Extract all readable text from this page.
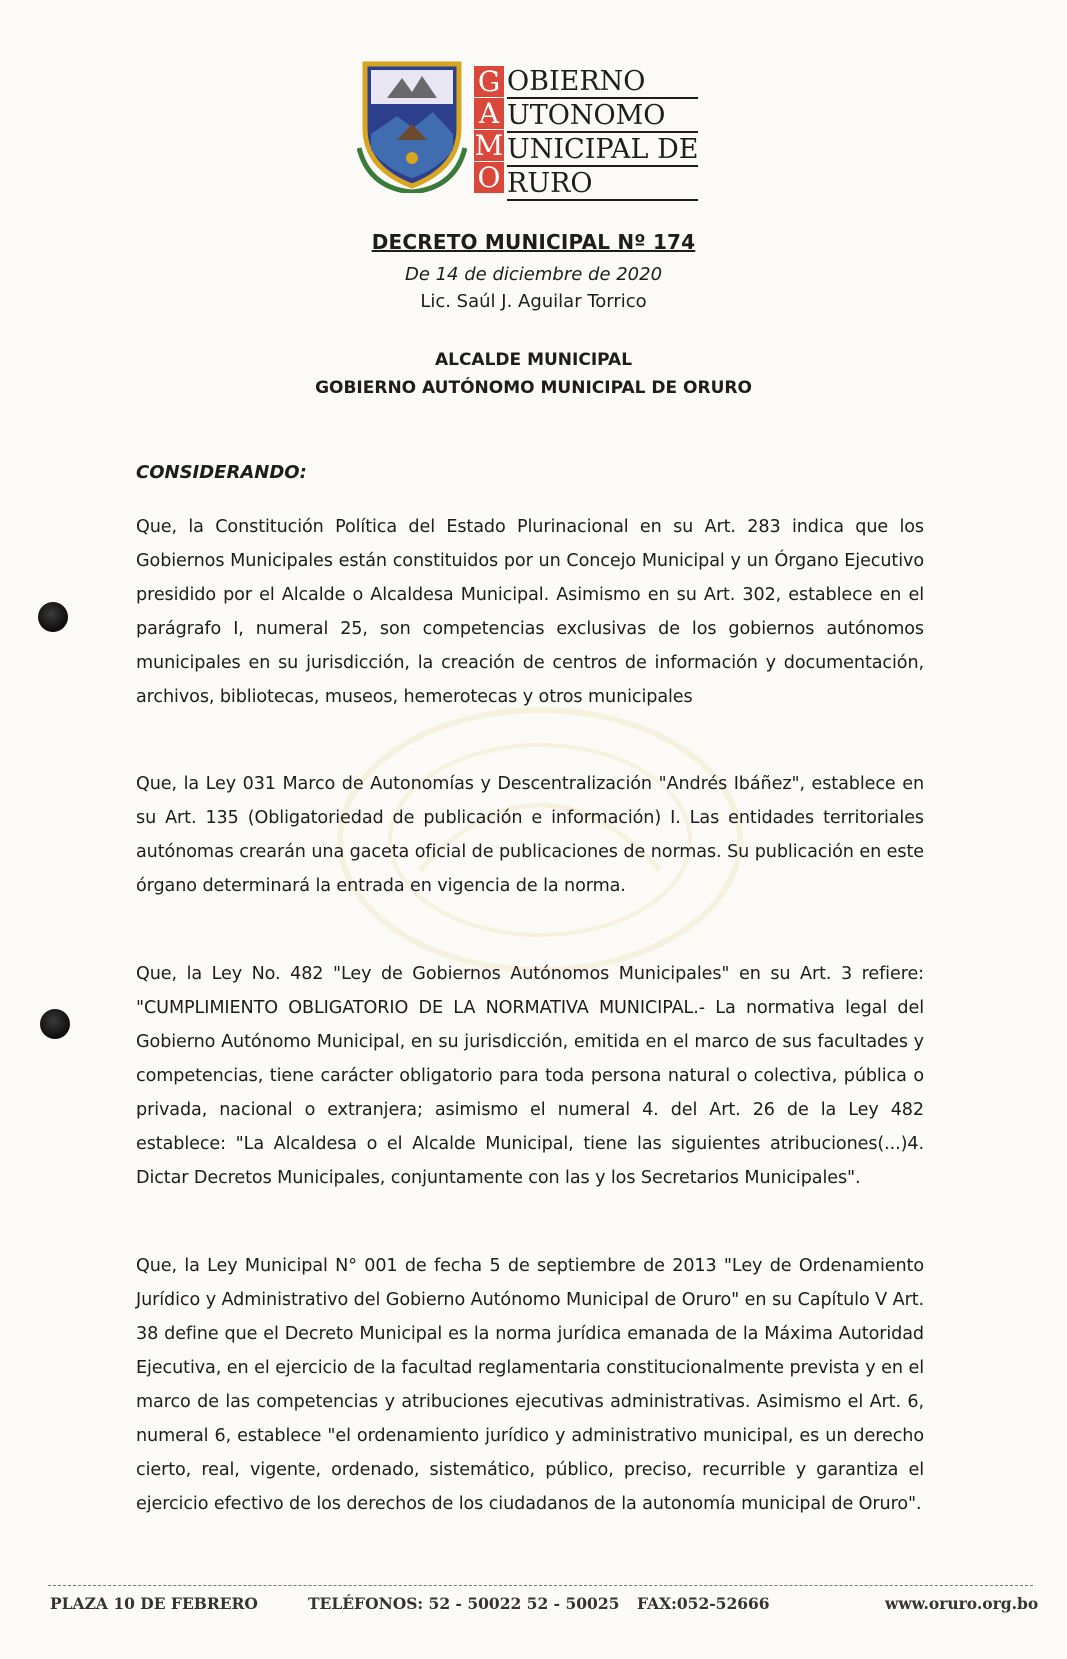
G
A
M
O
OBIERNO
UTONOMO
UNICIPAL DE
RURO
DECRETO MUNICIPAL Nº 174
De 14 de diciembre de 2020
Lic. Saúl J. Aguilar Torrico
ALCALDE MUNICIPAL
GOBIERNO AUTÓNOMO MUNICIPAL DE ORURO
CONSIDERANDO:

Que, la Constitución Política del Estado Plurinacional en su Art. 283 indica que los Gobiernos Municipales están constituidos por un Concejo Municipal y un Órgano Ejecutivo presidido por el Alcalde o Alcaldesa Municipal. Asimismo en su Art. 302, establece en el parágrafo I, numeral 25, son competencias exclusivas de los gobiernos autónomos municipales en su jurisdicción, la creación de centros de información y documentación, archivos, bibliotecas, museos, hemerotecas y otros municipales

Que, la Ley 031 Marco de Autonomías y Descentralización "Andrés Ibáñez", establece en su Art. 135 (Obligatoriedad de publicación e información) I. Las entidades territoriales autónomas crearán una gaceta oficial de publicaciones de normas. Su publicación en este órgano determinará la entrada en vigencia de la norma.

Que, la Ley No. 482 "Ley de Gobiernos Autónomos Municipales" en su Art. 3 refiere: "CUMPLIMIENTO OBLIGATORIO DE LA NORMATIVA MUNICIPAL.- La normativa legal del Gobierno Autónomo Municipal, en su jurisdicción, emitida en el marco de sus facultades y competencias, tiene carácter obligatorio para toda persona natural o colectiva, pública o privada, nacional o extranjera; asimismo el numeral 4. del Art. 26 de la Ley 482 establece: "La Alcaldesa o el Alcalde Municipal, tiene las siguientes atribuciones(...)4. Dictar Decretos Municipales, conjuntamente con las y los Secretarios Municipales".

Que, la Ley Municipal N° 001 de fecha 5 de septiembre de 2013 "Ley de Ordenamiento Jurídico y Administrativo del Gobierno Autónomo Municipal de Oruro" en su Capítulo V Art. 38 define que el Decreto Municipal es la norma jurídica emanada de la Máxima Autoridad Ejecutiva, en el ejercicio de la facultad reglamentaria constitucionalmente prevista y en el marco de las competencias y atribuciones ejecutivas administrativas. Asimismo el Art. 6, numeral 6, establece "el ordenamiento jurídico y administrativo municipal, es un derecho cierto, real, vigente, ordenado, sistemático, público, preciso, recurrible y garantiza el ejercicio efectivo de los derechos de los ciudadanos de la autonomía municipal de Oruro".

PLAZA 10 DE FEBRERO	TELÉFONOS: 52 - 50022 52 - 50025 FAX:052-52666	www.oruro.org.bo
